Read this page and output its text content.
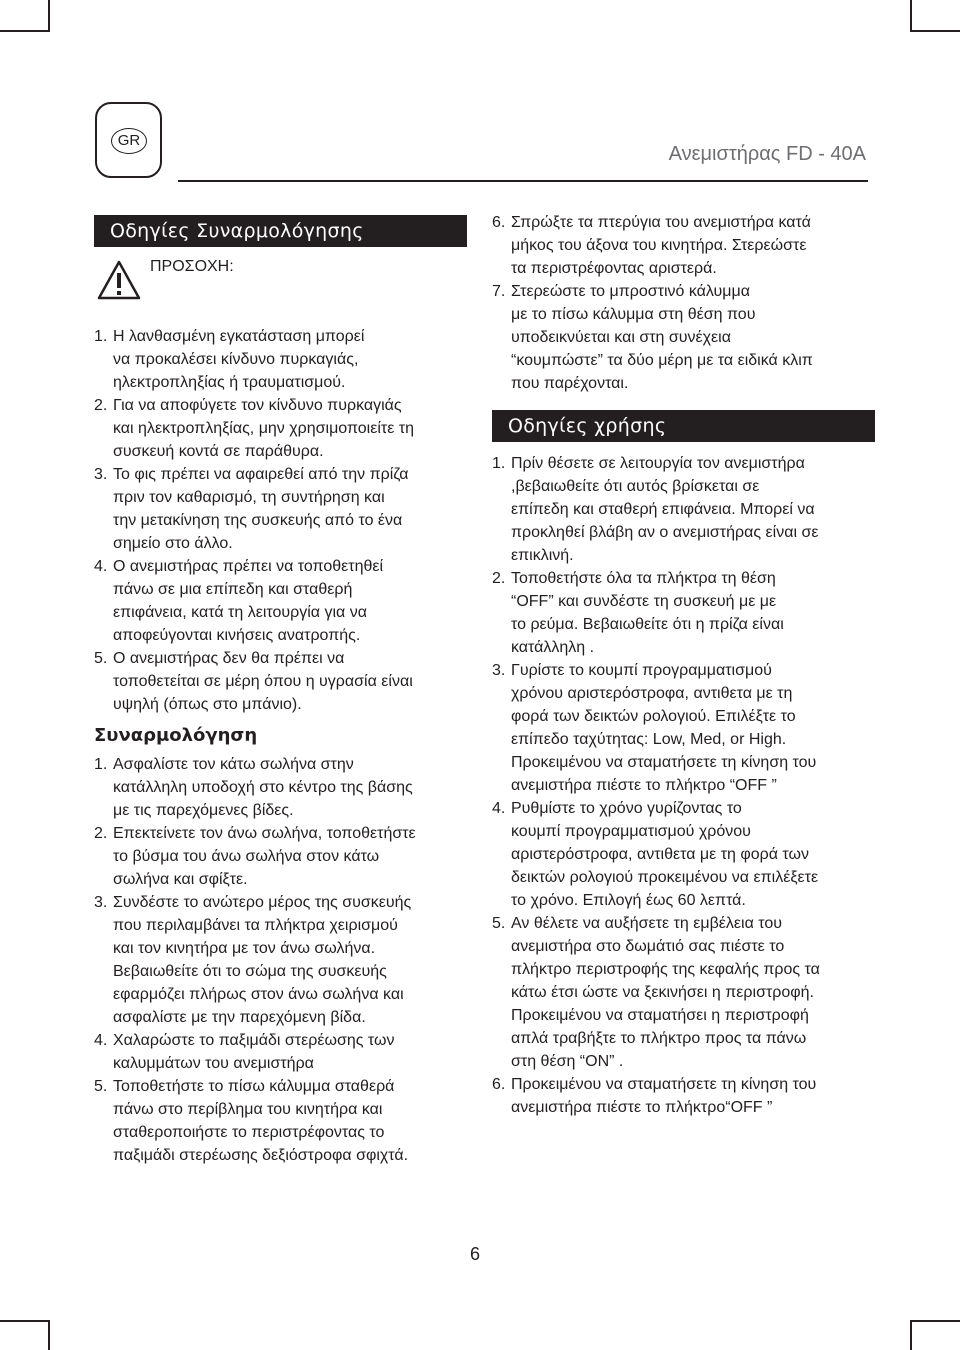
GR
Ανεμιστήρας FD - 40A
Οδηγίες Συναρμολόγησης
ΠΡΟΣΟΧΗ:
1. Η λανθασμένη εγκατάσταση μπορεί
να προκαλέσει κίνδυνο πυρκαγιάς,
ηλεκτροπληξίας ή τραυματισμού.
2. Για να αποφύγετε τον κίνδυνο πυρκαγιάς
και ηλεκτροπληξίας, μην χρησιμοποιείτε τη
συσκευή κοντά σε παράθυρα.
3. Το φις πρέπει να αφαιρεθεί από την πρίζα
πριν τον καθαρισμό, τη συντήρηση και
την μετακίνηση της συσκευής από το ένα
σημείο στο άλλο.
4. Ο ανεμιστήρας πρέπει να τοποθετηθεί
πάνω σε μια επίπεδη και σταθερή
επιφάνεια, κατά τη λειτουργία για να
αποφεύγονται κινήσεις ανατροπής.
5. Ο ανεμιστήρας δεν θα πρέπει να
τοποθετείται σε μέρη όπου η υγρασία είναι
υψηλή (όπως στο μπάνιο).
Συναρμολόγηση
1. Ασφαλίστε τον κάτω σωλήνα στην
κατάλληλη υποδοχή στο κέντρο της βάσης
με τις παρεχόμενες βίδες.
2. Επεκτείνετε τον άνω σωλήνα, τοποθετήστε
το βύσμα του άνω σωλήνα στον κάτω
σωλήνα και σφίξτε.
3. Συνδέστε το ανώτερο μέρος της συσκευής
που περιλαμβάνει τα πλήκτρα χειρισμού
και τον κινητήρα με τον άνω σωλήνα.
Βεβαιωθείτε ότι το σώμα της συσκευής
εφαρμόζει πλήρως στον άνω σωλήνα και
ασφαλίστε με την παρεχόμενη βίδα.
4. Χαλαρώστε το παξιμάδι στερέωσης των
καλυμμάτων του ανεμιστήρα
5. Τοποθετήστε το πίσω κάλυμμα σταθερά
πάνω στο περίβλημα του κινητήρα και
σταθεροποιήστε το περιστρέφοντας το
παξιμάδι στερέωσης δεξιόστροφα σφιχτά.
6. Σπρώξτε τα πτερύγια του ανεμιστήρα κατά
μήκος του άξονα του κινητήρα. Στερεώστε
τα περιστρέφοντας αριστερά.
7. Στερεώστε το μπροστινό κάλυμμα
με το πίσω κάλυμμα στη θέση που
υποδεικνύεται και στη συνέχεια
“κουμπώστε” τα δύο μέρη με τα ειδικά κλιπ
που παρέχονται.
Οδηγίες χρήσης
1. Πρίν θέσετε σε λειτουργία τον ανεμιστήρα
,βεβαιωθείτε ότι αυτός βρίσκεται σε
επίπεδη και σταθερή επιφάνεια. Μπορεί να
προκληθεί βλάβη αν ο ανεμιστήρας είναι σε
επικλινή.
2. Τοποθετήστε όλα τα πλήκτρα τη θέση
“OFF” και συνδέστε τη συσκευή με με
το ρεύμα. Βεβαιωθείτε ότι η πρίζα είναι
κατάλληλη .
3. Γυρίστε το κουμπί προγραμματισμού
χρόνου αριστερόστροφα, αντιθετα με τη
φορά των δεικτών ρολογιού. Επιλέξτε το
επίπεδο ταχύτητας: Low, Med, or High.
Προκειμένου να σταματήσετε τη κίνηση του
ανεμιστήρα πιέστε το πλήκτρο “OFF ”
4. Ρυθμίστε το χρόνο γυρίζοντας το
κουμπί προγραμματισμού χρόνου
αριστερόστροφα, αντιθετα με τη φορά των
δεικτών ρολογιού προκειμένου να επιλέξετε
το χρόνο. Επιλογή έως 60 λεπτά.
5. Αν θέλετε να αυξήσετε τη εμβέλεια του
ανεμιστήρα στο δωμάτιό σας πιέστε το
πλήκτρο περιστροφής της κεφαλής προς τα
κάτω έτσι ώστε να ξεκινήσει η περιστροφή.
Προκειμένου να σταματήσει η περιστροφή
απλά τραβήξτε το πλήκτρο προς τα πάνω
στη θέση “ON” .
6. Προκειμένου να σταματήσετε τη κίνηση του
ανεμιστήρα πιέστε το πλήκτρο“OFF ”
6
